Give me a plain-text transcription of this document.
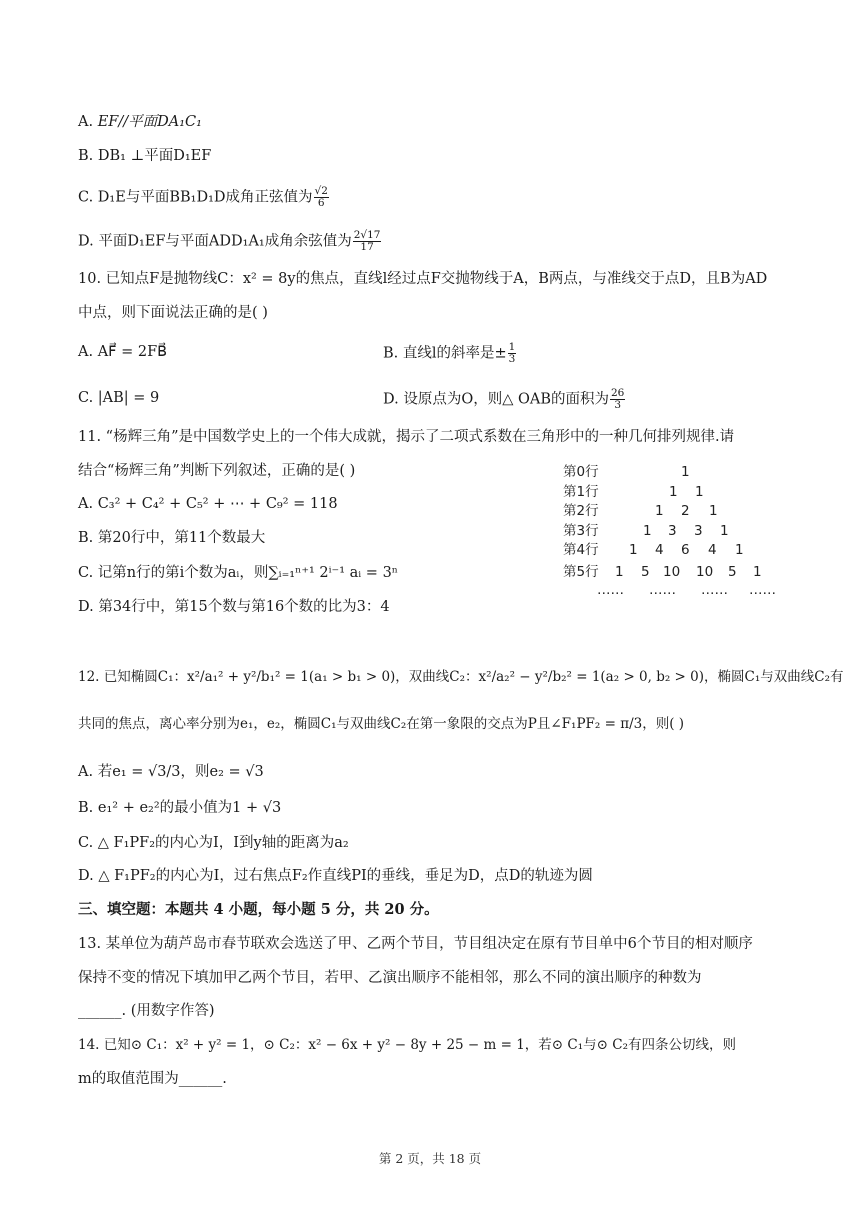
A. EF//平面DA₁C₁
B. DB₁ ⊥平面D₁EF
C. D₁E与平面BB₁D₁D成角正弦值为 $\frac{√2}{6}$
D. 平面D₁EF与平面ADD₁A₁成角余弦值为 $\frac{2√17}{17}$
10. 已知点F是抛物线C：x² = 8y的焦点，直线l经过点F交抛物线于A，B两点，与准线交于点D，且B为AD
中点，则下面说法正确的是( )
A. AF⃗ = 2FB⃗	B. 直线l的斜率是± $\frac{1}{3}$
C. |AB| = 9	D. 设原点为O，则△ OAB的面积为 $\frac{26}{3}$
11. “杨辉三角”是中国数学史上的一个伟大成就，揭示了二项式系数在三角形中的一种几何排列规律.请
结合“杨辉三角”判断下列叙述，正确的是( )
A. C₃² + C₄² + C₅² + ⋯ + C₉² = 118
B. 第20行中，第11个数最大
C. 记第n行的第i个数为aᵢ，则∑ᵢ₌₁ⁿ⁺¹ 2ⁱ⁻¹ aᵢ = 3ⁿ
D. 第34行中，第15个数与第16个数的比为3：4
第0行	1
第1行	1 1
第2行	1 2 1
第3行	1 3 3 1
第4行 1 4 6 4 1
第5行 1 5 10 10 5 1
…… …… …… ……
12. 已知椭圆C₁：x²/a₁² + y²/b₁² = 1(a₁ > b₁ > 0)，双曲线C₂：x²/a₂² − y²/b₂² = 1(a₂ > 0, b₂ > 0)，椭圆C₁与双曲线C₂有
共同的焦点，离心率分别为e₁，e₂，椭圆C₁与双曲线C₂在第一象限的交点为P且∠F₁PF₂ = π/3，则( )
A. 若e₁ = √3/3，则e₂ = √3
B. e₁² + e₂²的最小值为1 + √3
C. △ F₁PF₂的内心为I，I到y轴的距离为a₂
D. △ F₁PF₂的内心为I，过右焦点F₂作直线PI的垂线，垂足为D，点D的轨迹为圆
三、填空题：本题共 4 小题，每小题 5 分，共 20 分。
13. 某单位为葫芦岛市春节联欢会选送了甲、乙两个节目，节目组决定在原有节目单中6个节目的相对顺序
保持不变的情况下填加甲乙两个节目，若甲、乙演出顺序不能相邻，那么不同的演出顺序的种数为
______. (用数字作答)
14. 已知⊙ C₁：x² + y² = 1，⊙ C₂：x² − 6x + y² − 8y + 25 − m = 1，若⊙ C₁与⊙ C₂有四条公切线，则
m的取值范围为______.
第 2 页，共 18 页
